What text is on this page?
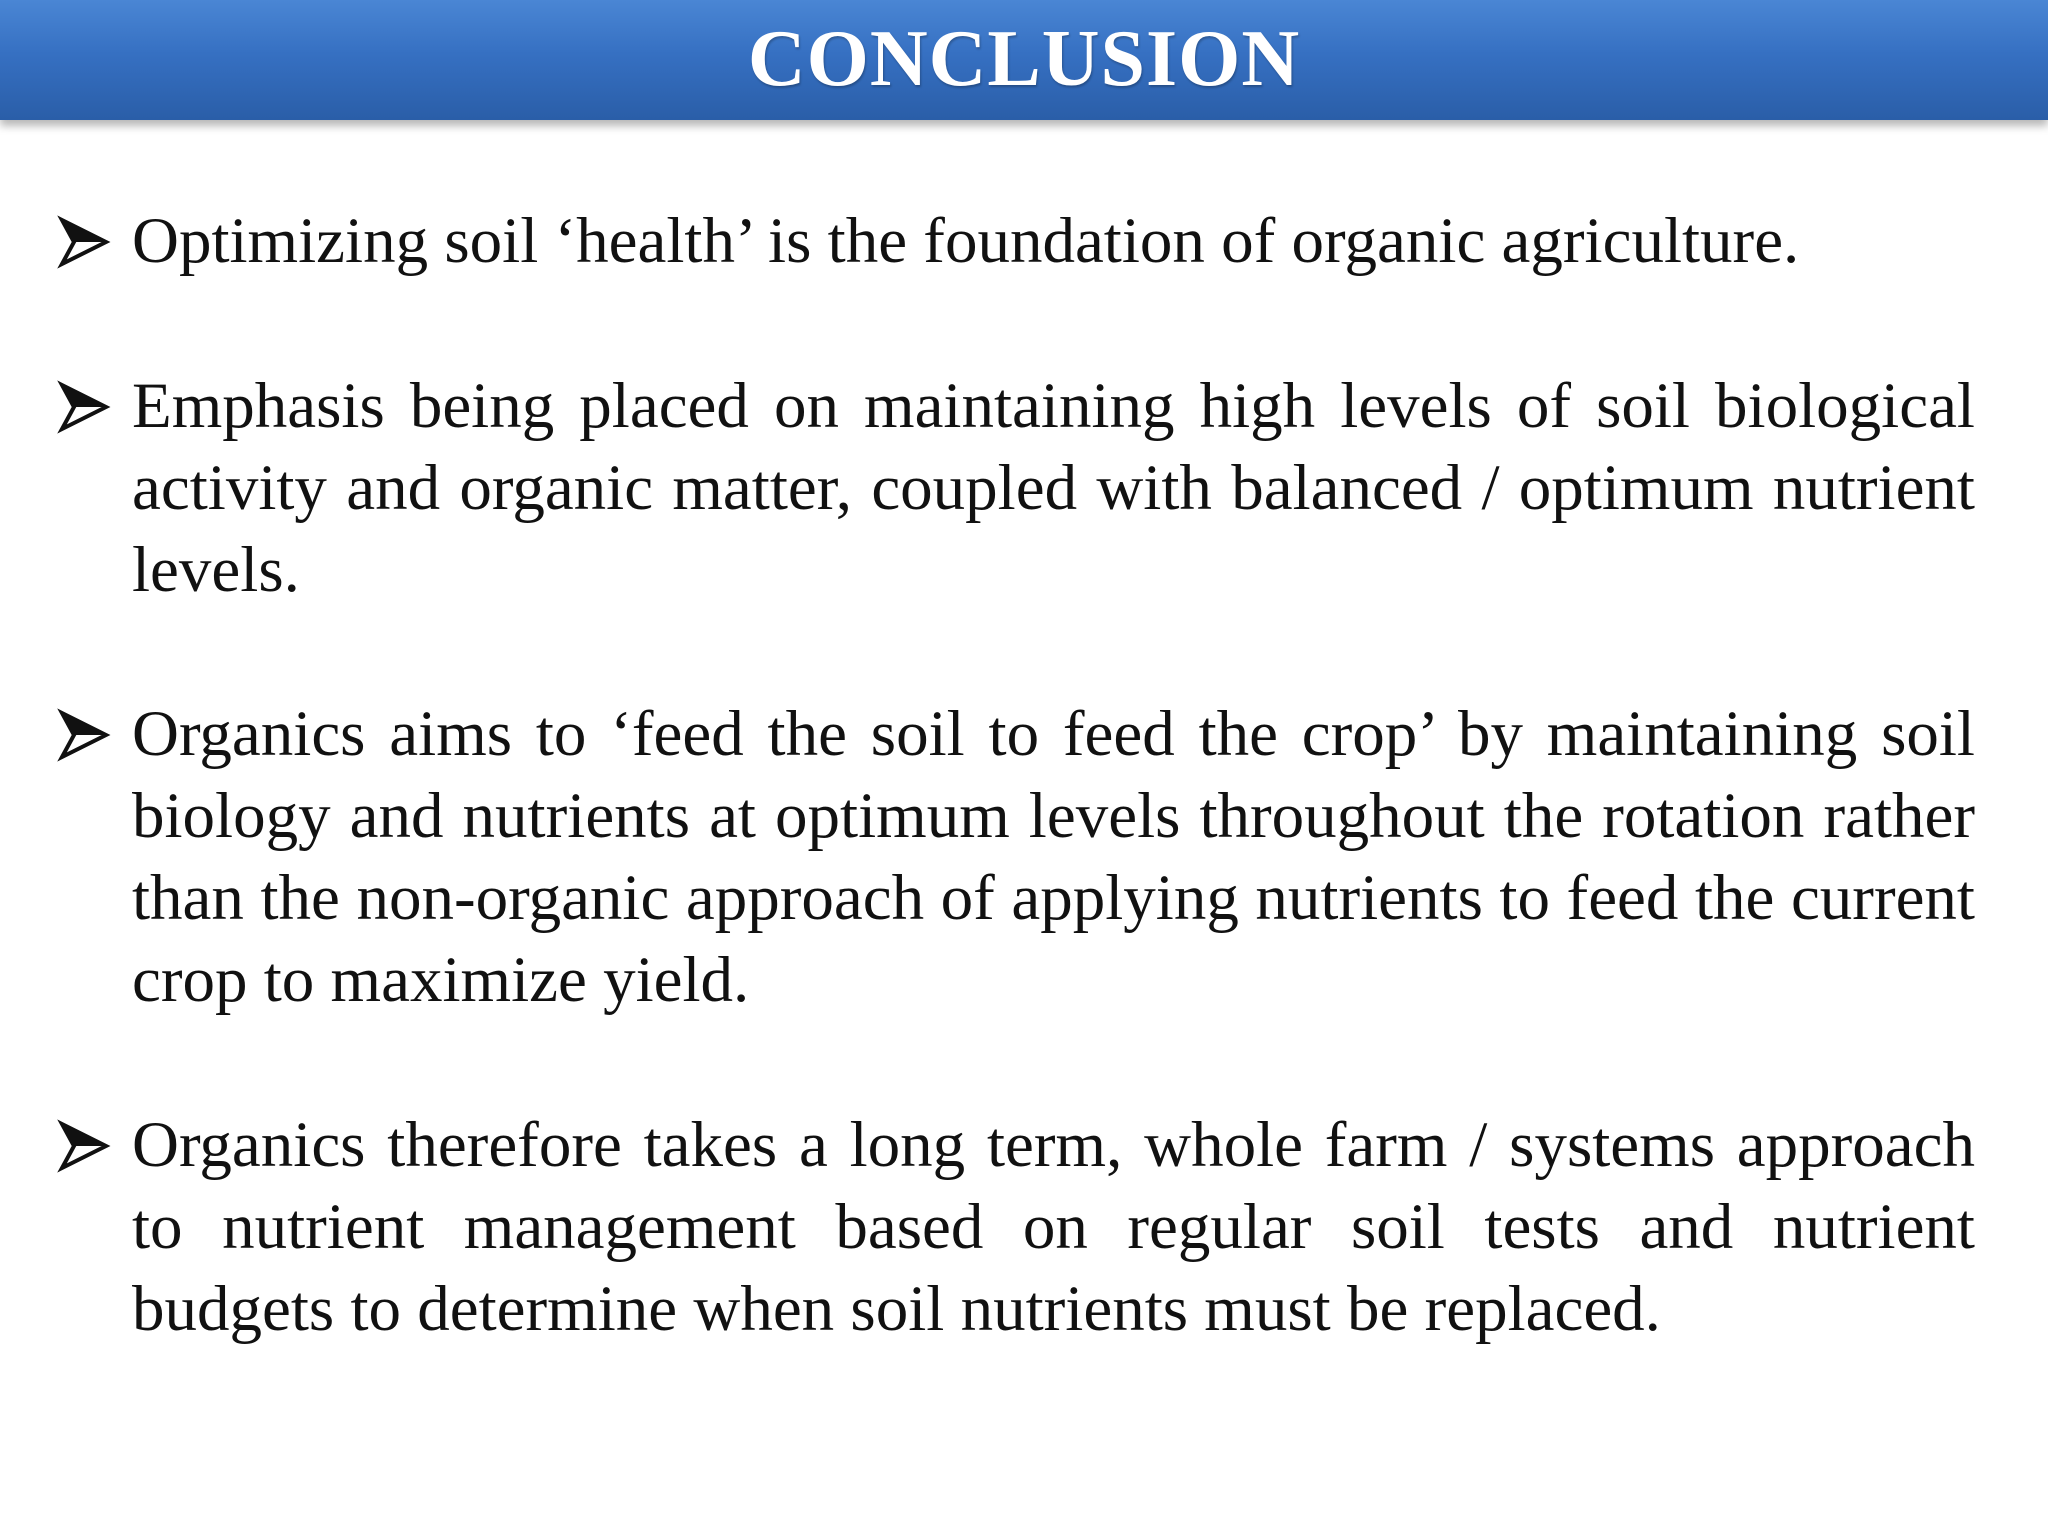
CONCLUSION

Optimizing soil ‘health’ is the foundation of organic agriculture.

Emphasis being placed on maintaining high levels of soil biological activity and organic matter, coupled with balanced / optimum nutrient levels.

Organics aims to ‘feed the soil to feed the crop’ by maintaining soil biology and nutrients at optimum levels throughout the rotation rather than the non-organic approach of applying nutrients to feed the current crop to maximize yield.

Organics therefore takes a long term, whole farm / systems approach to nutrient management based on regular soil tests and nutrient budgets to determine when soil nutrients must be replaced.
